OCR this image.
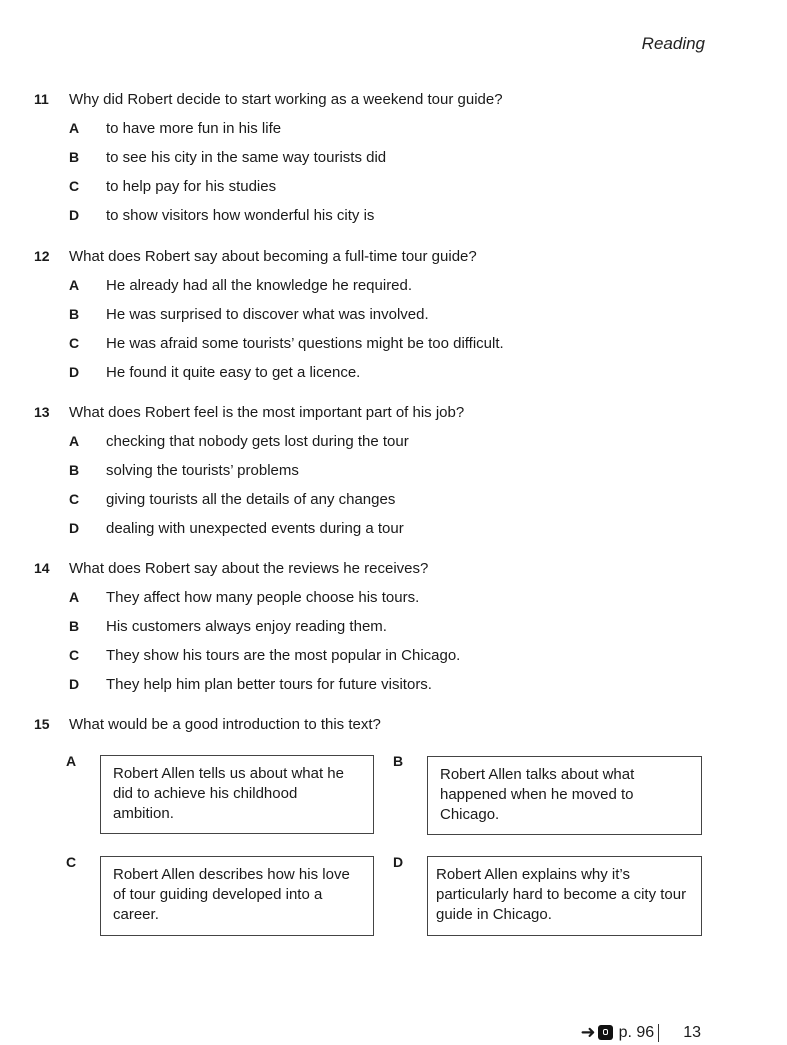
Reading
11	Why did Robert decide to start working as a weekend tour guide?
A	to have more fun in his life
B	to see his city in the same way tourists did
C	to help pay for his studies
D	to show visitors how wonderful his city is
12	What does Robert say about becoming a full-time tour guide?
A	He already had all the knowledge he required.
B	He was surprised to discover what was involved.
C	He was afraid some tourists’ questions might be too difficult.
D	He found it quite easy to get a licence.
13	What does Robert feel is the most important part of his job?
A	checking that nobody gets lost during the tour
B	solving the tourists’ problems
C	giving tourists all the details of any changes
D	dealing with unexpected events during a tour
14	What does Robert say about the reviews he receives?
A	They affect how many people choose his tours.
B	His customers always enjoy reading them.
C	They show his tours are the most popular in Chicago.
D	They help him plan better tours for future visitors.
15	What would be a good introduction to this text?
A
Robert Allen tells us about what he did to achieve his childhood ambition.
B
Robert Allen talks about what happened when he moved to Chicago.
C
Robert Allen describes how his love of tour guiding developed into a career.
D
Robert Allen explains why it’s particularly hard to become a city tour guide in Chicago.
➜ p. 96	13
